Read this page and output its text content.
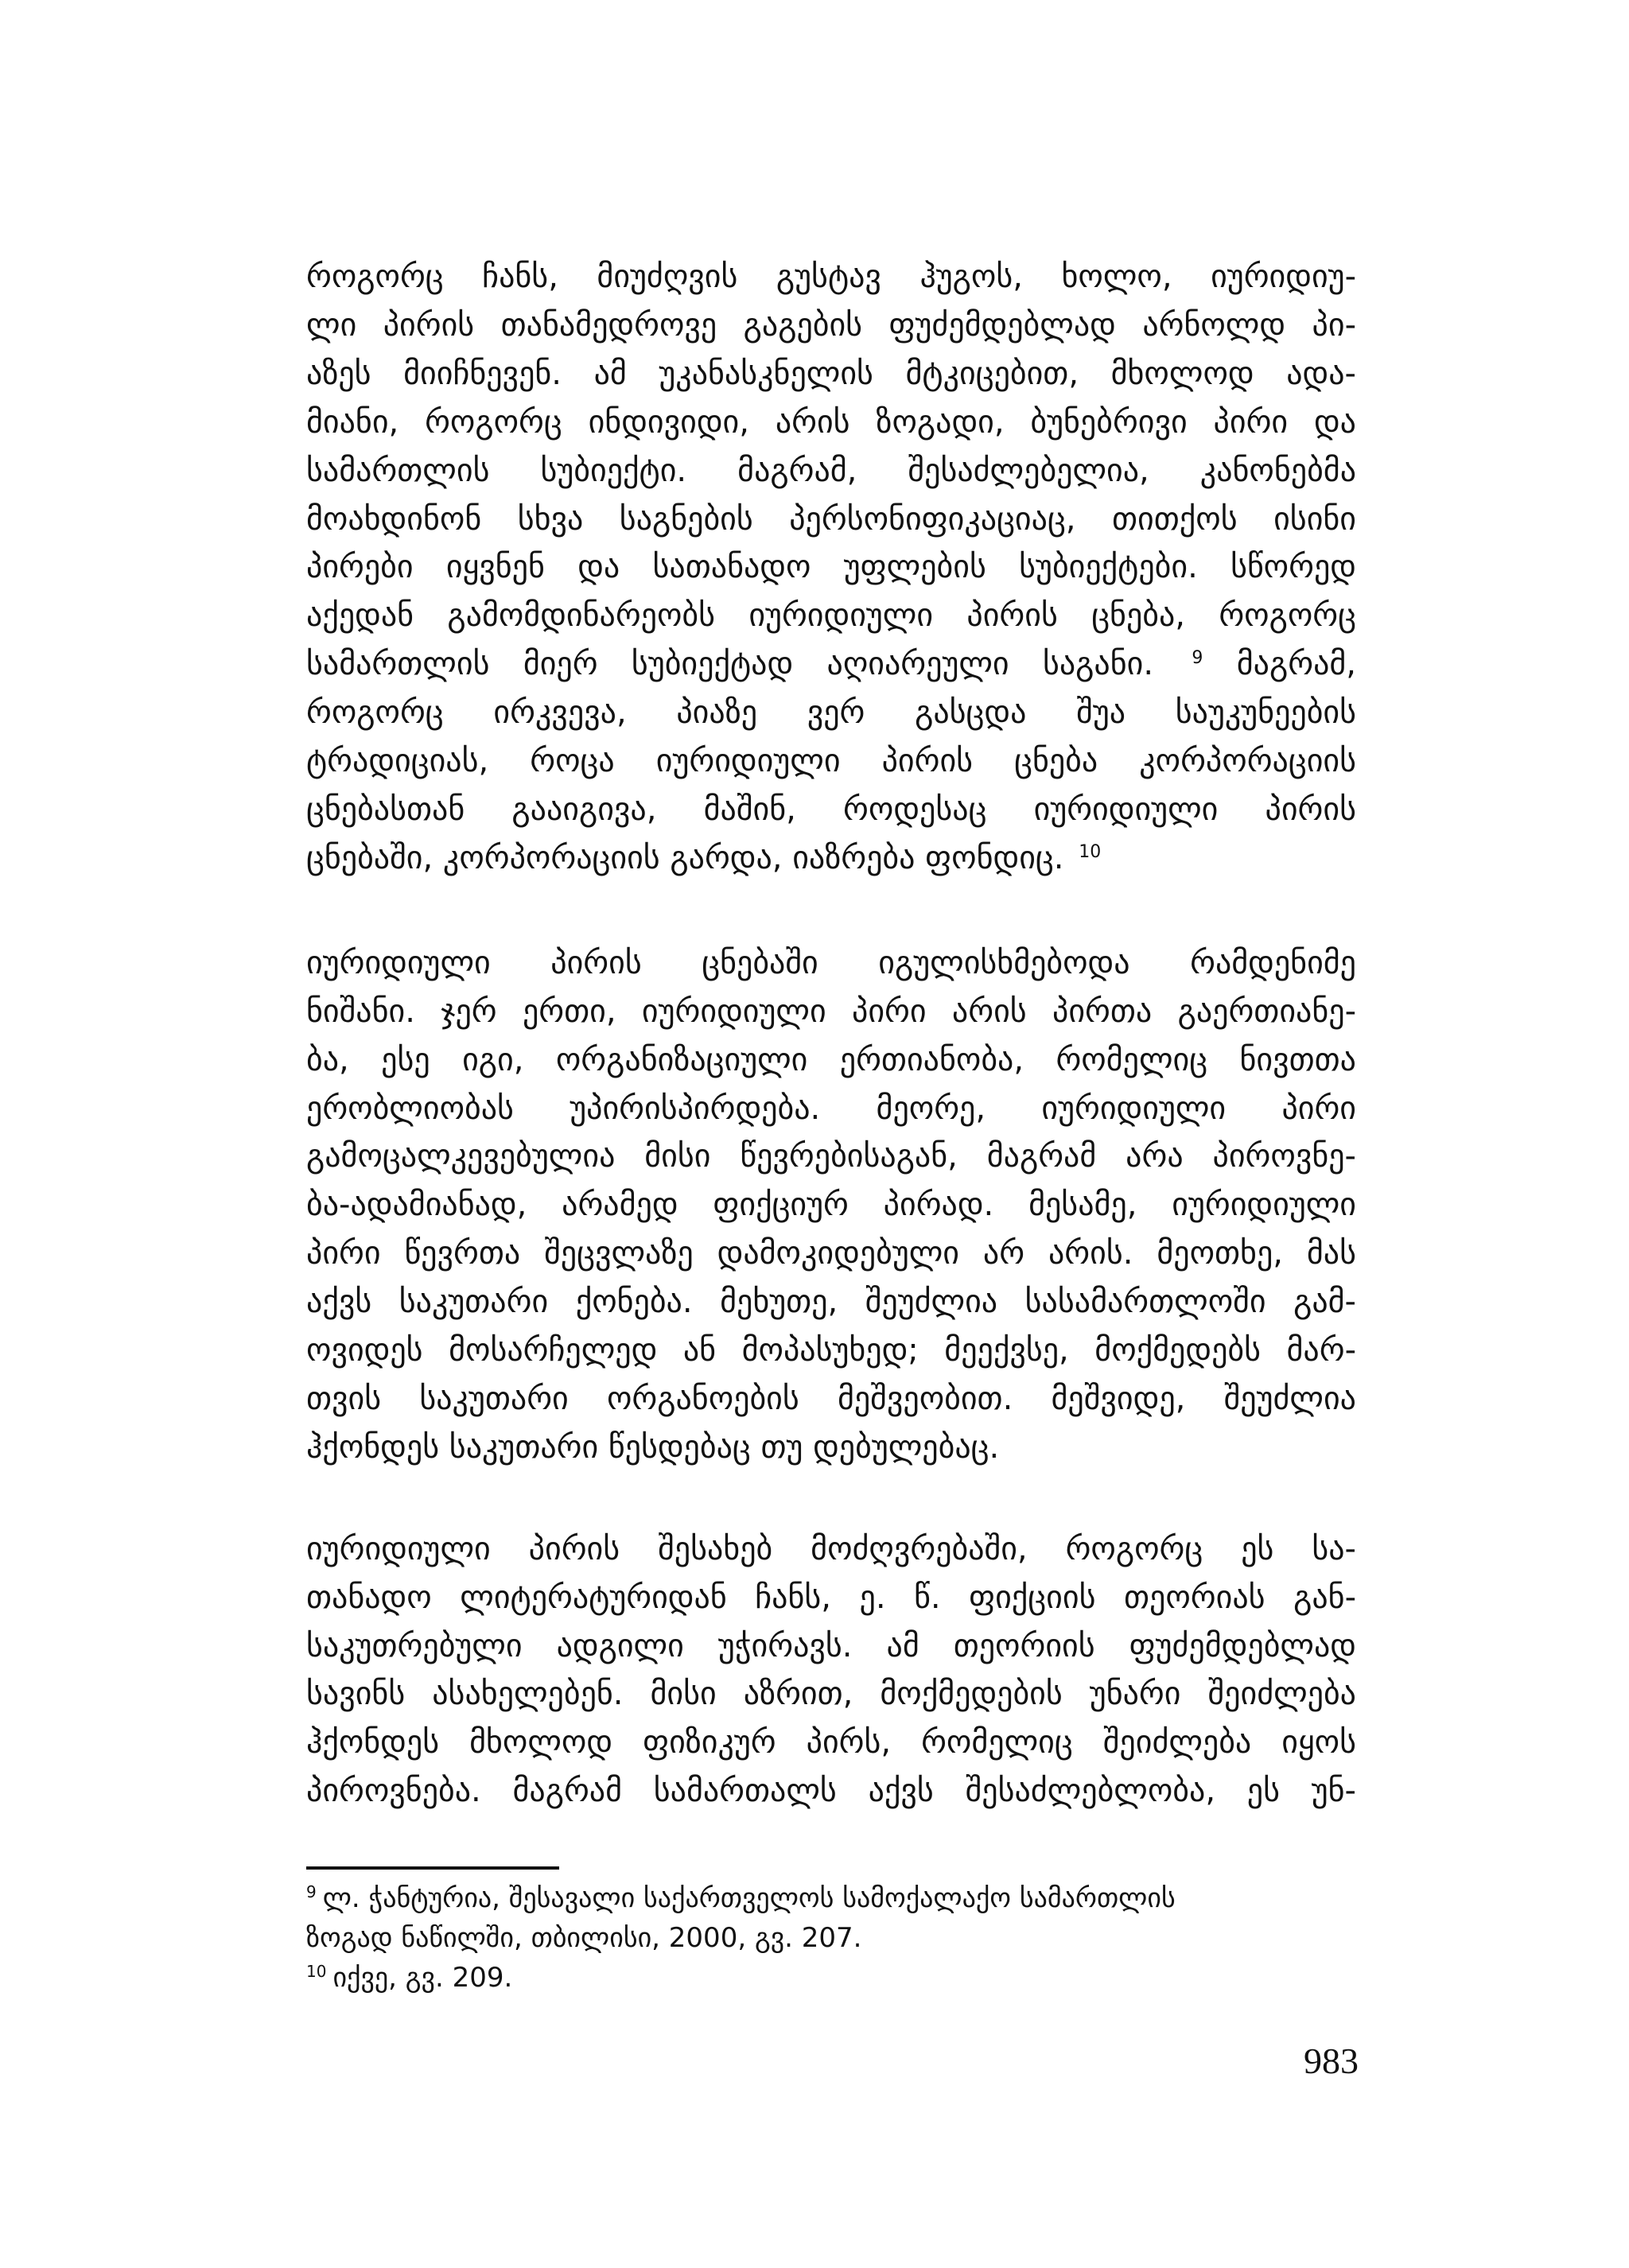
როგორც ჩანს, მიუძღვის გუსტავ ჰუგოს, ხოლო, იურიდიუ-
ლი პირის თანამედროვე გაგების ფუძემდებლად არნოლდ პი-
აზეს მიიჩნევენ. ამ უკანასკნელის მტკიცებით, მხოლოდ ადა-
მიანი, როგორც ინდივიდი, არის ზოგადი, ბუნებრივი პირი და
სამართლის სუბიექტი. მაგრამ, შესაძლებელია, კანონებმა
მოახდინონ სხვა საგნების პერსონიფიკაციაც, თითქოს ისინი
პირები იყვნენ და სათანადო უფლების სუბიექტები. სწორედ
აქედან გამომდინარეობს იურიდიული პირის ცნება, როგორც
სამართლის მიერ სუბიექტად აღიარეული საგანი. $^9$ მაგრამ,
როგორც ირკვევა, პიაზე ვერ გასცდა შუა საუკუნეების
ტრადიციას, როცა იურიდიული პირის ცნება კორპორაციის
ცნებასთან გააიგივა, მაშინ, როდესაც იურიდიული პირის
ცნებაში, კორპორაციის გარდა, იაზრება ფონდიც. $^{10}$
იურიდიული პირის ცნებაში იგულისხმებოდა რამდენიმე
ნიშანი. ჯერ ერთი, იურიდიული პირი არის პირთა გაერთიანე-
ბა, ესე იგი, ორგანიზაციული ერთიანობა, რომელიც ნივთთა
ერობლიობას უპირისპირდება. მეორე, იურიდიული პირი
გამოცალკევებულია მისი წევრებისაგან, მაგრამ არა პიროვნე-
ბა-ადამიანად, არამედ ფიქციურ პირად. მესამე, იურიდიული
პირი წევრთა შეცვლაზე დამოკიდებული არ არის. მეოთხე, მას
აქვს საკუთარი ქონება. მეხუთე, შეუძლია სასამართლოში გამ-
ოვიდეს მოსარჩელედ ან მოპასუხედ; მეექვსე, მოქმედებს მარ-
თვის საკუთარი ორგანოების მეშვეობით. მეშვიდე, შეუძლია
ჰქონდეს საკუთარი წესდებაც თუ დებულებაც.
იურიდიული პირის შესახებ მოძღვრებაში, როგორც ეს სა-
თანადო ლიტერატურიდან ჩანს, ე. წ. ფიქციის თეორიას გან-
საკუთრებული ადგილი უჭირავს. ამ თეორიის ფუძემდებლად
სავინს ასახელებენ. მისი აზრით, მოქმედების უნარი შეიძლება
ჰქონდეს მხოლოდ ფიზიკურ პირს, რომელიც შეიძლება იყოს
პიროვნება. მაგრამ სამართალს აქვს შესაძლებლობა, ეს უნ-
$^9$ ლ. ჭანტურია, შესავალი საქართველოს სამოქალაქო სამართლის
ზოგად ნაწილში, თბილისი, 2000, გვ. 207.
$^{10}$ იქვე, გვ. 209.
983
